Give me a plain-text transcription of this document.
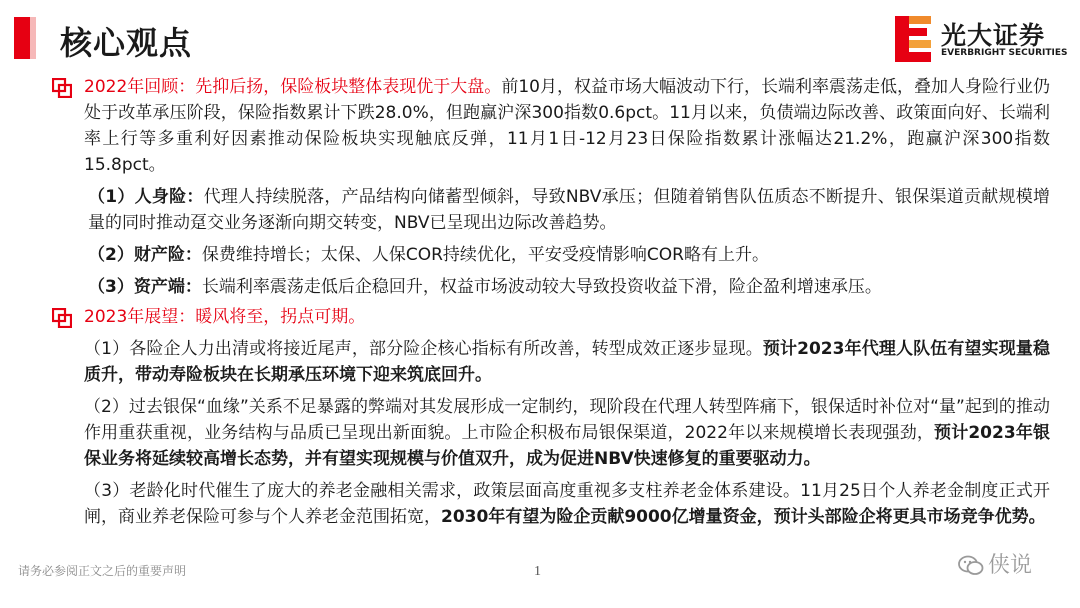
核心观点	光大证券
EVERBRIGHT SECURITIES

2022年回顾：先抑后扬，保险板块整体表现优于大盘。前10月，权益市场大幅波动下行，长端利率震荡走低，叠加人身险行业仍处于改革承压阶段，保险指数累计下跌28.0%，但跑赢沪深300指数0.6pct。11月以来，负债端边际改善、政策面向好、长端利率上行等多重利好因素推动保险板块实现触底反弹，11月1日-12月23日保险指数累计涨幅达21.2%，跑赢沪深300指数15.8pct。

（1）人身险：代理人持续脱落，产品结构向储蓄型倾斜，导致NBV承压；但随着销售队伍质态不断提升、银保渠道贡献规模增量的同时推动趸交业务逐渐向期交转变，NBV已呈现出边际改善趋势。

（2）财产险：保费维持增长；太保、人保COR持续优化，平安受疫情影响COR略有上升。

（3）资产端：长端利率震荡走低后企稳回升，权益市场波动较大导致投资收益下滑，险企盈利增速承压。

2023年展望：暖风将至，拐点可期。

（1）各险企人力出清或将接近尾声，部分险企核心指标有所改善，转型成效正逐步显现。预计2023年代理人队伍有望实现量稳质升，带动寿险板块在长期承压环境下迎来筑底回升。

（2）过去银保“血缘”关系不足暴露的弊端对其发展形成一定制约，现阶段在代理人转型阵痛下，银保适时补位对“量”起到的推动作用重获重视，业务结构与品质已呈现出新面貌。上市险企积极布局银保渠道，2022年以来规模增长表现强劲，预计2023年银保业务将延续较高增长态势，并有望实现规模与价值双升，成为促进NBV快速修复的重要驱动力。

（3）老龄化时代催生了庞大的养老金融相关需求，政策层面高度重视多支柱养老金体系建设。11月25日个人养老金制度正式开闸，商业养老保险可参与个人养老金范围拓宽，2030年有望为险企贡献9000亿增量资金，预计头部险企将更具市场竞争优势。

请务必参阅正文之后的重要声明	1	侠说
